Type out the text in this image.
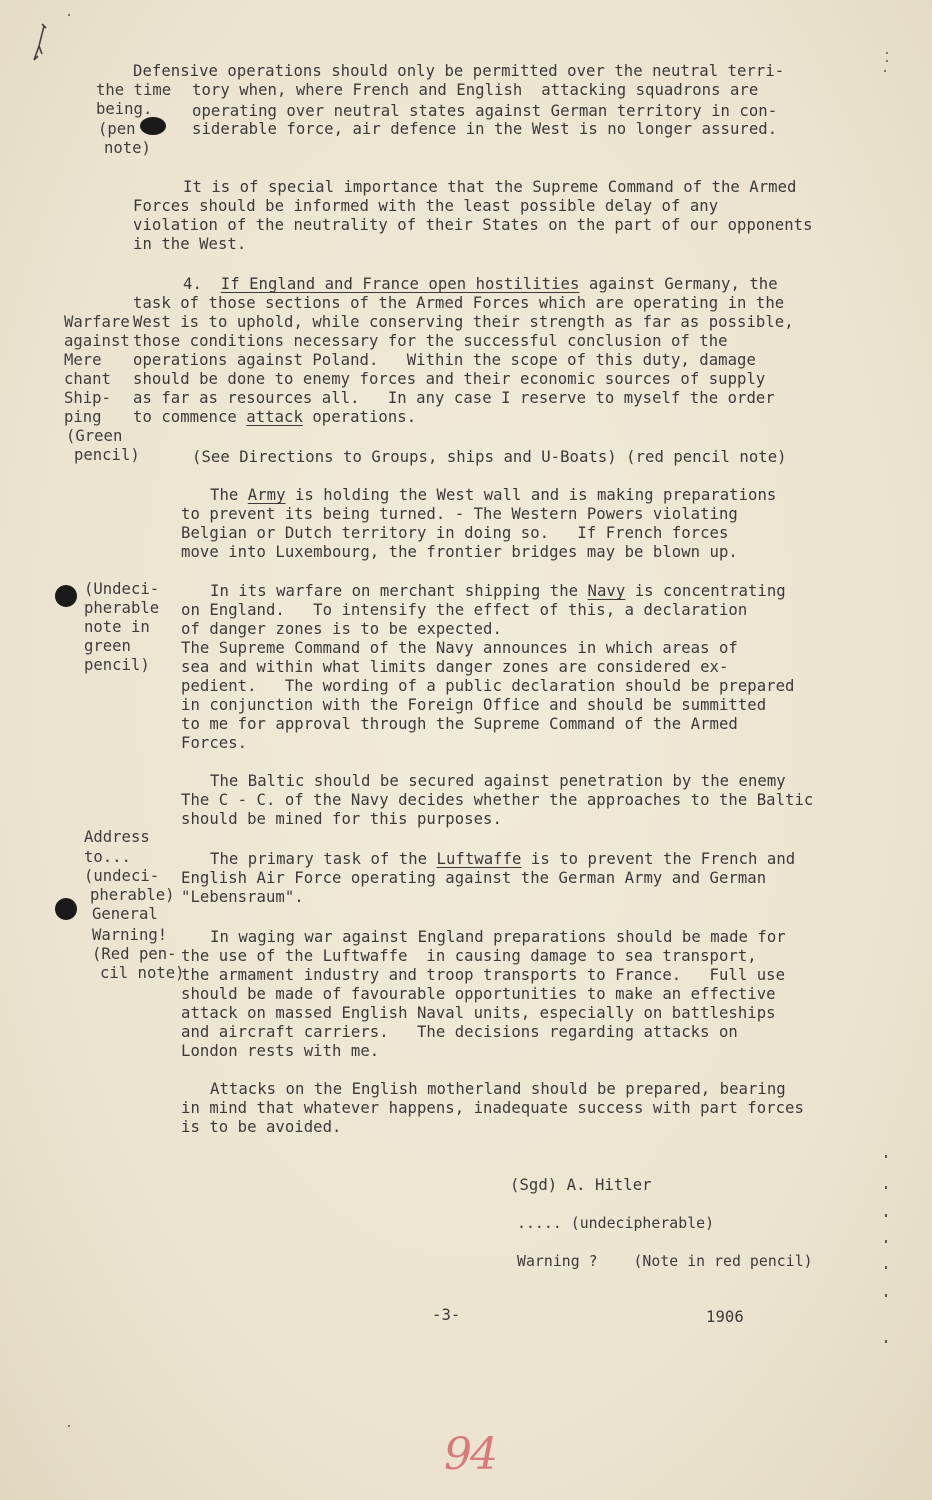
Defensive operations should only be permitted over the neutral terri-
the time tory when, where French and English  attacking squadrons are
being.	operating over neutral states against German territory in con-
(pen	siderable force, air defence in the West is no longer assured.
note)
It is of special importance that the Supreme Command of the Armed
Forces should be informed with the least possible delay of any
violation of the neutrality of their States on the part of our opponents
in the West.
4. If England and France open hostilities against Germany, the
task of those sections of the Armed Forces which are operating in the
Warfare West is to uphold, while conserving their strength as far as possible,
against those conditions necessary for the successful conclusion of the
Mere operations against Poland.   Within the scope of this duty, damage
chant should be done to enemy forces and their economic sources of supply
Ship- as far as resources all.   In any case I reserve to myself the order
ping to commence attack operations.
(Green
pencil)	(See Directions to Groups, ships and U-Boats) (red pencil note)
The Army is holding the West wall and is making preparations
to prevent its being turned. - The Western Powers violating
Belgian or Dutch territory in doing so.   If French forces
move into Luxembourg, the frontier bridges may be blown up.
(Undeci-	In its warfare on merchant shipping the Navy is concentrating
pherable on England.   To intensify the effect of this, a declaration
note in of danger zones is to be expected.
green	The Supreme Command of the Navy announces in which areas of
pencil) sea and within what limits danger zones are considered ex-
pedient.   The wording of a public declaration should be prepared
in conjunction with the Foreign Office and should be summitted
to me for approval through the Supreme Command of the Armed
Forces.
The Baltic should be secured against penetration by the enemy
The C - C. of the Navy decides whether the approaches to the Baltic
should be mined for this purposes.
Address
to...	The primary task of the Luftwaffe is to prevent the French and
(undeci- English Air Force operating against the German Army and German
pherable) "Lebensraum".
General
Warning!	In waging war against England preparations should be made for
(Red pen- the use of the Luftwaffe  in causing damage to sea transport,
cil note)
the armament industry and troop transports to France.   Full use
should be made of favourable opportunities to make an effective
attack on massed English Naval units, especially on battleships
and aircraft carriers.   The decisions regarding attacks on
London rests with me.
Attacks on the English motherland should be prepared, bearing
in mind that whatever happens, inadequate success with part forces
is to be avoided.
(Sgd) A. Hitler
..... (undecipherable)
Warning ?    (Note in red pencil)
-3-	1906
94
